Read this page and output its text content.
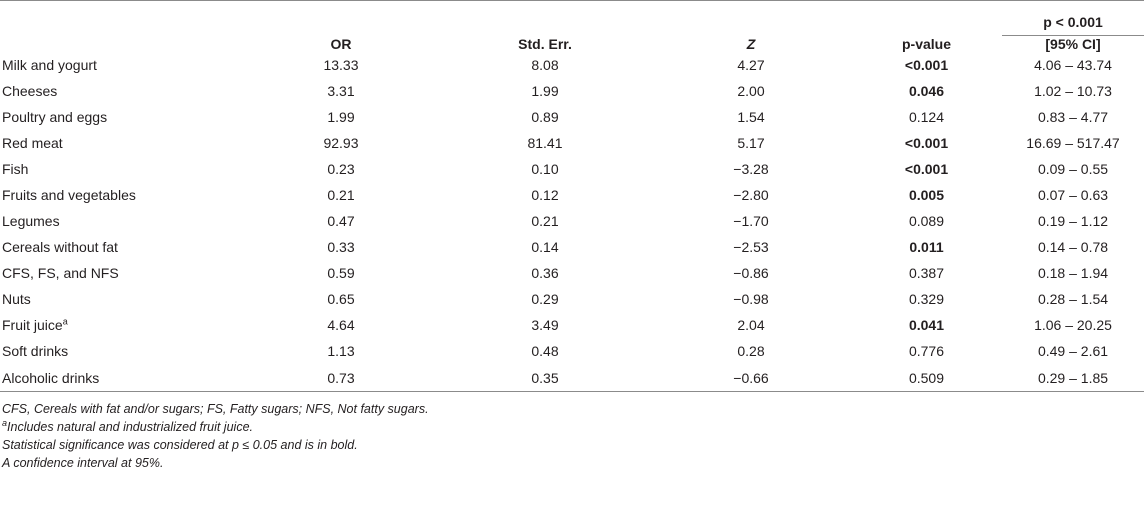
					p < 0.001

	OR	Std. Err.	Z	p-value	[95% CI]
Milk and yogurt	13.33	8.08	4.27	<0.001	4.06 – 43.74
Cheeses	3.31	1.99	2.00	0.046	1.02 – 10.73
Poultry and eggs	1.99	0.89	1.54	0.124	0.83 – 4.77
Red meat	92.93	81.41	5.17	<0.001	16.69 – 517.47
Fish	0.23	0.10	−3.28	<0.001	0.09 – 0.55
Fruits and vegetables	0.21	0.12	−2.80	0.005	0.07 – 0.63
Legumes	0.47	0.21	−1.70	0.089	0.19 – 1.12
Cereals without fat	0.33	0.14	−2.53	0.011	0.14 – 0.78
CFS, FS, and NFS	0.59	0.36	−0.86	0.387	0.18 – 1.94
Nuts	0.65	0.29	−0.98	0.329	0.28 – 1.54
Fruit juice$^a$	4.64	3.49	2.04	0.041	1.06 – 20.25
Soft drinks	1.13	0.48	0.28	0.776	0.49 – 2.61
Alcoholic drinks	0.73	0.35	−0.66	0.509	0.29 – 1.85
CFS, Cereals with fat and/or sugars; FS, Fatty sugars; NFS, Not fatty sugars.
$^a$Includes natural and industrialized fruit juice.
Statistical significance was considered at p ≤ 0.05 and is in bold.
A confidence interval at 95%.
